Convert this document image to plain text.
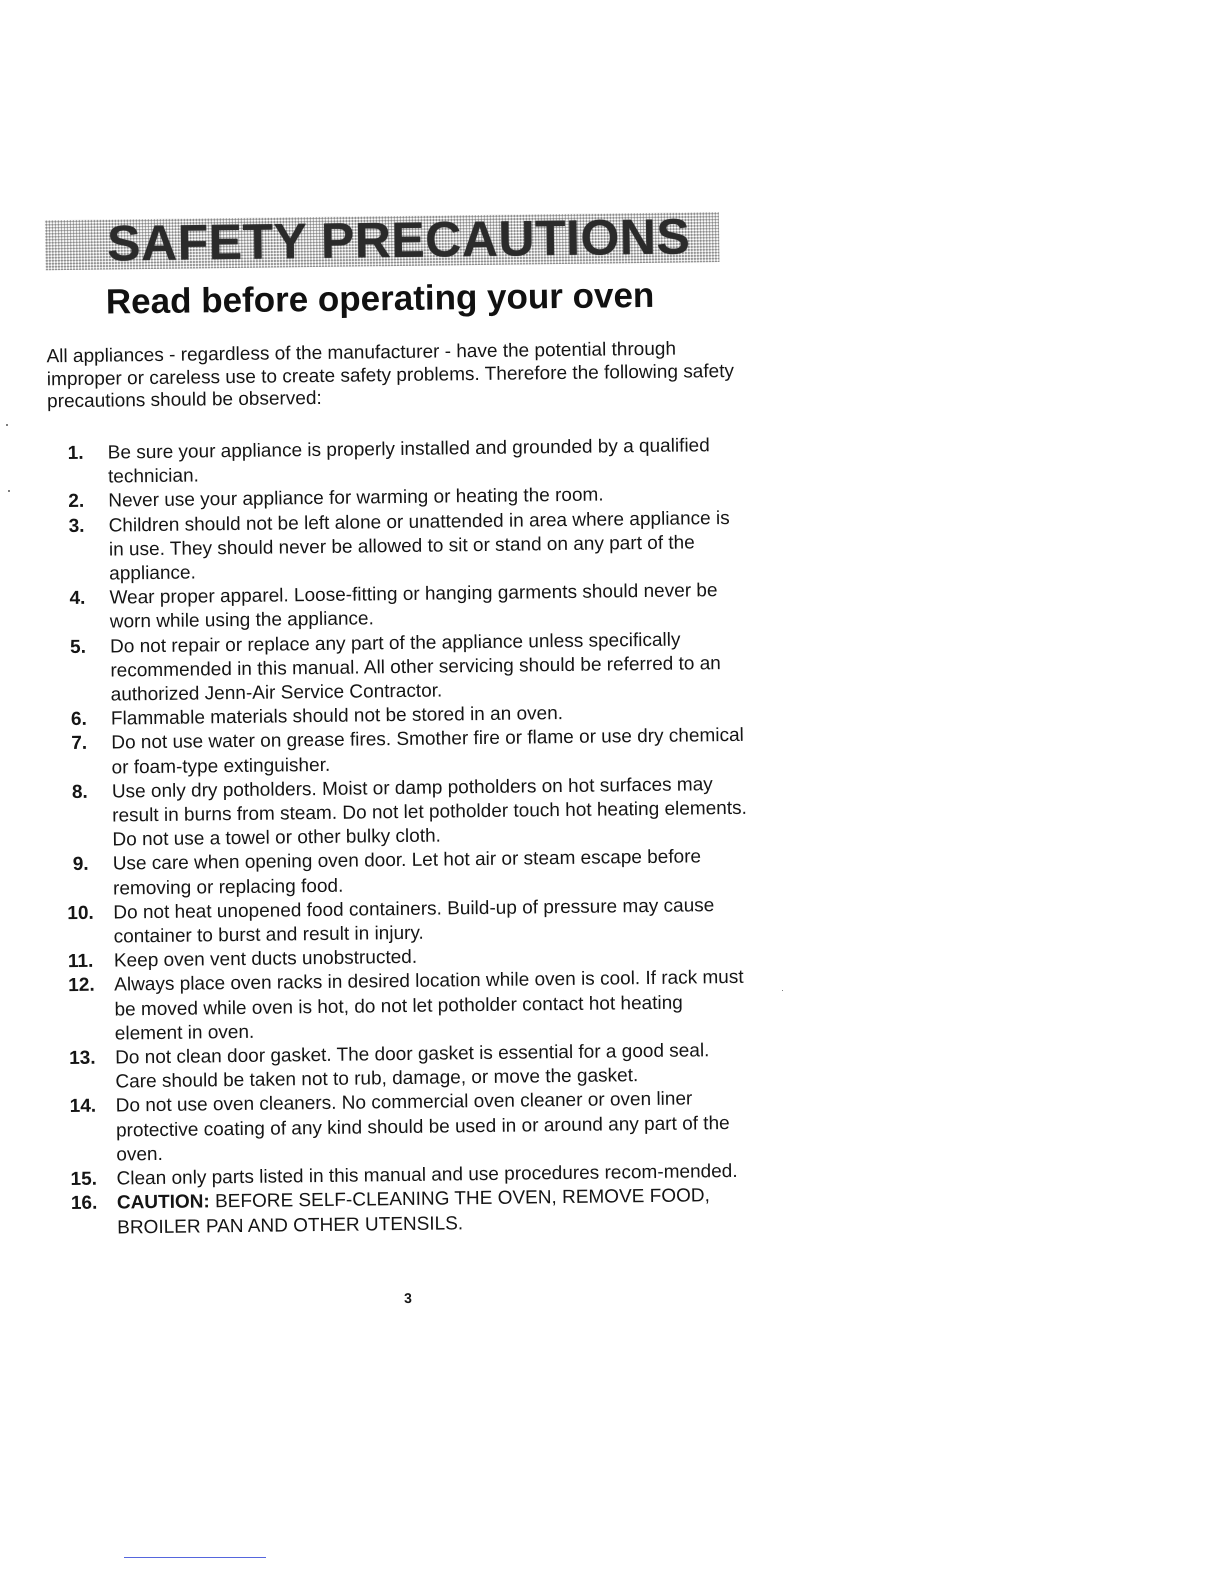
SAFETY PRECAUTIONS
Read before operating your oven

All appliances - regardless of the manufacturer - have the potential through improper or careless use to create safety problems. Therefore the following safety precautions should be observed:

1. Be sure your appliance is properly installed and grounded by a qualified technician.
2. Never use your appliance for warming or heating the room.
3. Children should not be left alone or unattended in area where appliance is in use. They should never be allowed to sit or stand on any part of the appliance.
4. Wear proper apparel. Loose-fitting or hanging garments should never be worn while using the appliance.
5. Do not repair or replace any part of the appliance unless specifically recommended in this manual. All other servicing should be referred to an authorized Jenn-Air Service Contractor.
6. Flammable materials should not be stored in an oven.
7. Do not use water on grease fires. Smother fire or flame or use dry chemical or foam-type extinguisher.
8. Use only dry potholders. Moist or damp potholders on hot surfaces may result in burns from steam. Do not let potholder touch hot heating elements. Do not use a towel or other bulky cloth.
9. Use care when opening oven door. Let hot air or steam escape before removing or replacing food.
10. Do not heat unopened food containers. Build-up of pressure may cause container to burst and result in injury.
11. Keep oven vent ducts unobstructed.
12. Always place oven racks in desired location while oven is cool. If rack must be moved while oven is hot, do not let potholder contact hot heating element in oven.
13. Do not clean door gasket. The door gasket is essential for a good seal. Care should be taken not to rub, damage, or move the gasket.
14. Do not use oven cleaners. No commercial oven cleaner or oven liner protective coating of any kind should be used in or around any part of the oven.
15. Clean only parts listed in this manual and use procedures recom-mended.
16. CAUTION: BEFORE SELF-CLEANING THE OVEN, REMOVE FOOD, BROILER PAN AND OTHER UTENSILS.
3
